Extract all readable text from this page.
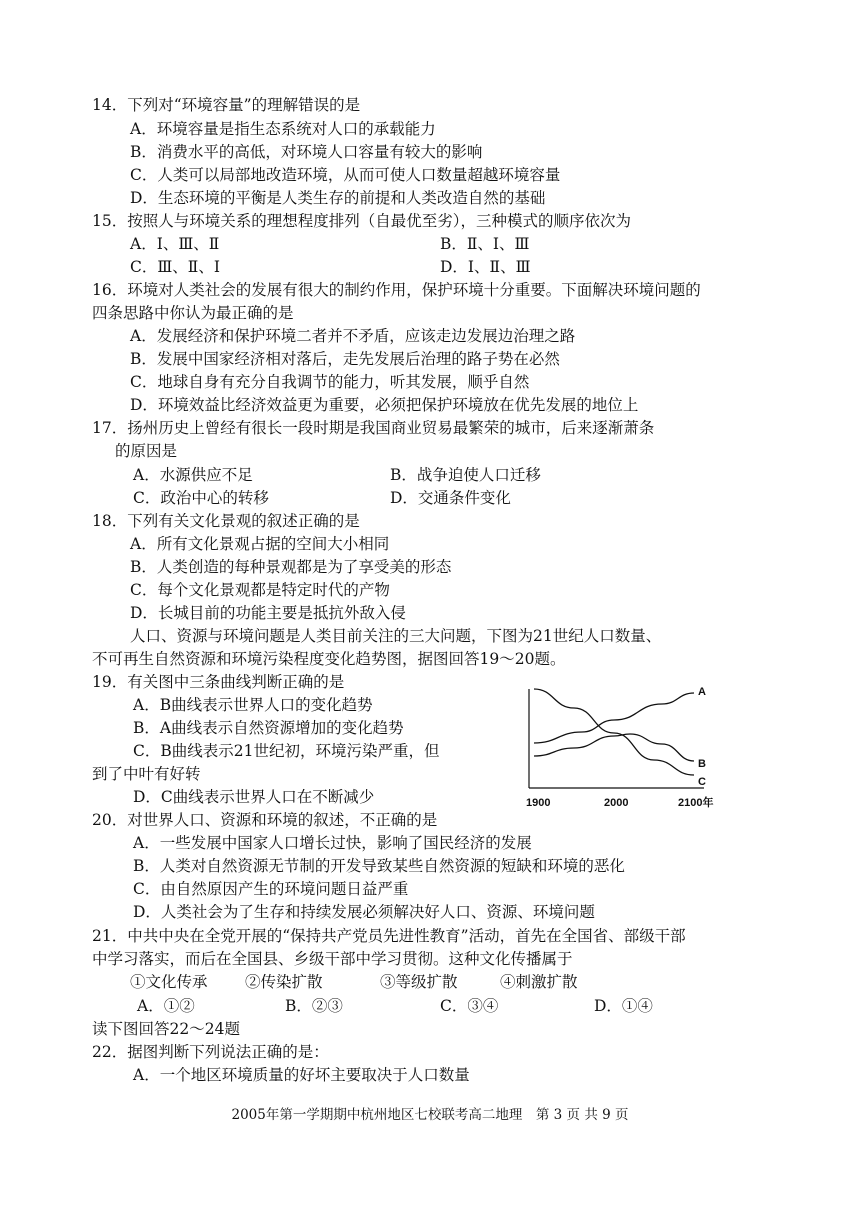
14．下列对“环境容量”的理解错误的是
A．环境容量是指生态系统对人口的承载能力
B．消费水平的高低，对环境人口容量有较大的影响
C．人类可以局部地改造环境，从而可使人口数量超越环境容量
D．生态环境的平衡是人类生存的前提和人类改造自然的基础
15．按照人与环境关系的理想程度排列（自最优至劣），三种模式的顺序依次为
A．Ⅰ、Ⅲ、Ⅱ	B．Ⅱ、Ⅰ、Ⅲ
C．Ⅲ、Ⅱ、Ⅰ	D．Ⅰ、Ⅱ、Ⅲ
16．环境对人类社会的发展有很大的制约作用，保护环境十分重要。下面解决环境问题的
四条思路中你认为最正确的是
A．发展经济和保护环境二者并不矛盾，应该走边发展边治理之路
B．发展中国家经济相对落后，走先发展后治理的路子势在必然
C．地球自身有充分自我调节的能力，听其发展，顺乎自然
D．环境效益比经济效益更为重要，必须把保护环境放在优先发展的地位上
17．扬州历史上曾经有很长一段时期是我国商业贸易最繁荣的城市，后来逐渐萧条
的原因是
A．水源供应不足	B．战争迫使人口迁移
C．政治中心的转移	D．交通条件变化
18．下列有关文化景观的叙述正确的是
A．所有文化景观占据的空间大小相同
B．人类创造的每种景观都是为了享受美的形态
C．每个文化景观都是特定时代的产物
D．长城目前的功能主要是抵抗外敌入侵
人口、资源与环境问题是人类目前关注的三大问题，下图为21世纪人口数量、
不可再生自然资源和环境污染程度变化趋势图，据图回答19～20题。
19．有关图中三条曲线判断正确的是
A．B曲线表示世界人口的变化趋势
B．A曲线表示自然资源增加的变化趋势
C．B曲线表示21世纪初，环境污染严重，但
到了中叶有好转
D．C曲线表示世界人口在不断减少
A
B
C
1900	2000	2100年
20．对世界人口、资源和环境的叙述，不正确的是
A．一些发展中国家人口增长过快，影响了国民经济的发展
B．人类对自然资源无节制的开发导致某些自然资源的短缺和环境的恶化
C．由自然原因产生的环境问题日益严重
D．人类社会为了生存和持续发展必须解决好人口、资源、环境问题
21．中共中央在全党开展的“保持共产党员先进性教育”活动，首先在全国省、部级干部
中学习落实，而后在全国县、乡级干部中学习贯彻。这种文化传播属于
①文化传承 ②传染扩散	③等级扩散	④刺激扩散
A．①②	B．②③	C．③④	D．①④
读下图回答22～24题
22．据图判断下列说法正确的是：
A．一个地区环境质量的好坏主要取决于人口数量
2005年第一学期期中杭州地区七校联考高二地理　第 3 页 共 9 页
